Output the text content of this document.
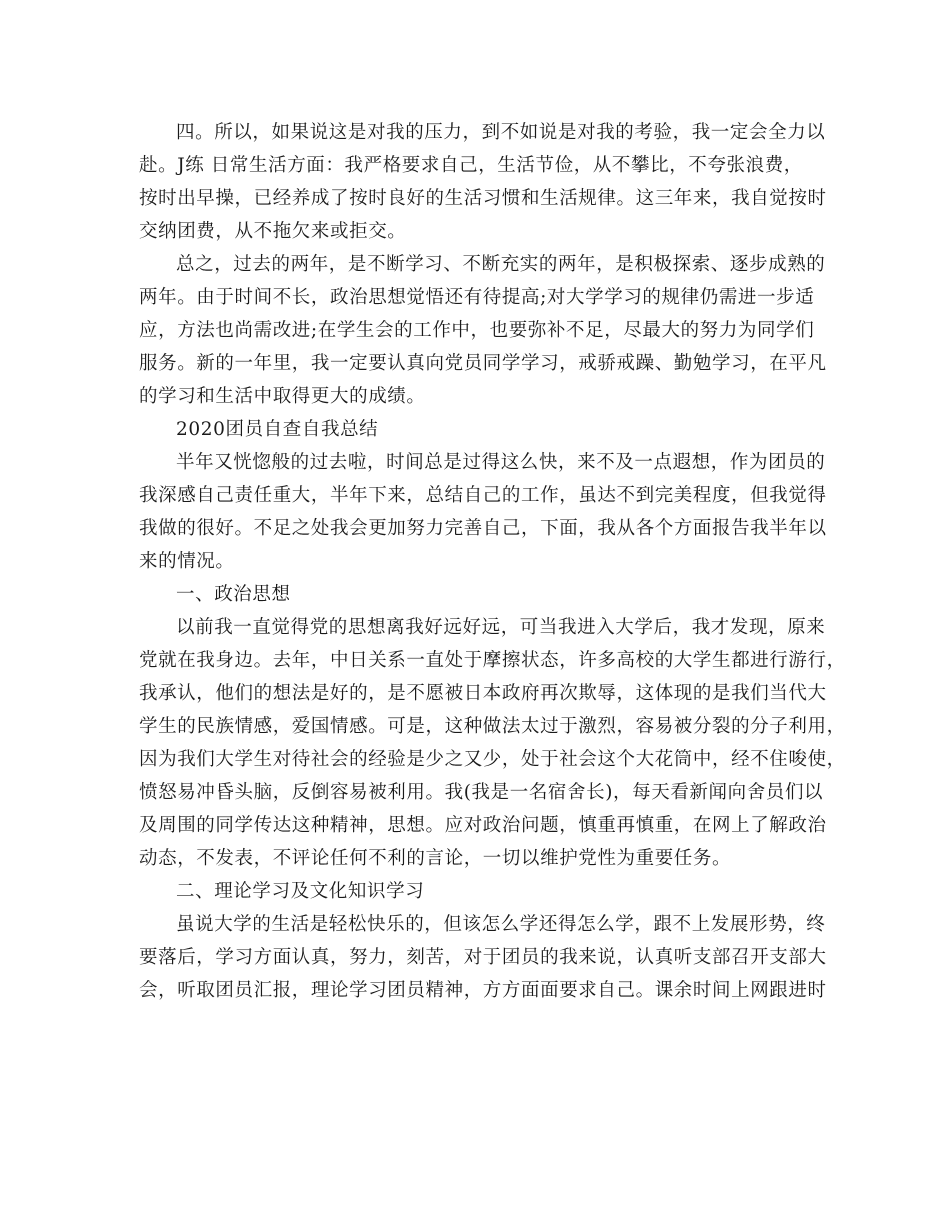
四。所以，如果说这是对我的压力，到不如说是对我的考验，我一定会全力以
赴。J练 日常生活方面：我严格要求自己，生活节俭，从不攀比，不夸张浪费，
按时出早操，已经养成了按时良好的生活习惯和生活规律。这三年来，我自觉按时
交纳团费，从不拖欠来或拒交。
总之，过去的两年，是不断学习、不断充实的两年，是积极探索、逐步成熟的
两年。由于时间不长，政治思想觉悟还有待提高;对大学学习的规律仍需进一步适
应，方法也尚需改进;在学生会的工作中，也要弥补不足，尽最大的努力为同学们
服务。新的一年里，我一定要认真向党员同学学习，戒骄戒躁、勤勉学习，在平凡
的学习和生活中取得更大的成绩。
2020团员自查自我总结
半年又恍惚般的过去啦，时间总是过得这么快，来不及一点遐想，作为团员的
我深感自己责任重大，半年下来，总结自己的工作，虽达不到完美程度，但我觉得
我做的很好。不足之处我会更加努力完善自己，下面，我从各个方面报告我半年以
来的情况。
一、政治思想
以前我一直觉得党的思想离我好远好远，可当我进入大学后，我才发现，原来
党就在我身边。去年，中日关系一直处于摩擦状态，许多高校的大学生都进行游行，
我承认，他们的想法是好的，是不愿被日本政府再次欺辱，这体现的是我们当代大
学生的民族情感，爱国情感。可是，这种做法太过于激烈，容易被分裂的分子利用，
因为我们大学生对待社会的经验是少之又少，处于社会这个大花筒中，经不住唆使，
愤怒易冲昏头脑，反倒容易被利用。我(我是一名宿舍长)，每天看新闻向舍员们以
及周围的同学传达这种精神，思想。应对政治问题，慎重再慎重，在网上了解政治
动态，不发表，不评论任何不利的言论，一切以维护党性为重要任务。
二、理论学习及文化知识学习
虽说大学的生活是轻松快乐的，但该怎么学还得怎么学，跟不上发展形势，终
要落后，学习方面认真，努力，刻苦，对于团员的我来说，认真听支部召开支部大
会，听取团员汇报，理论学习团员精神，方方面面要求自己。课余时间上网跟进时
